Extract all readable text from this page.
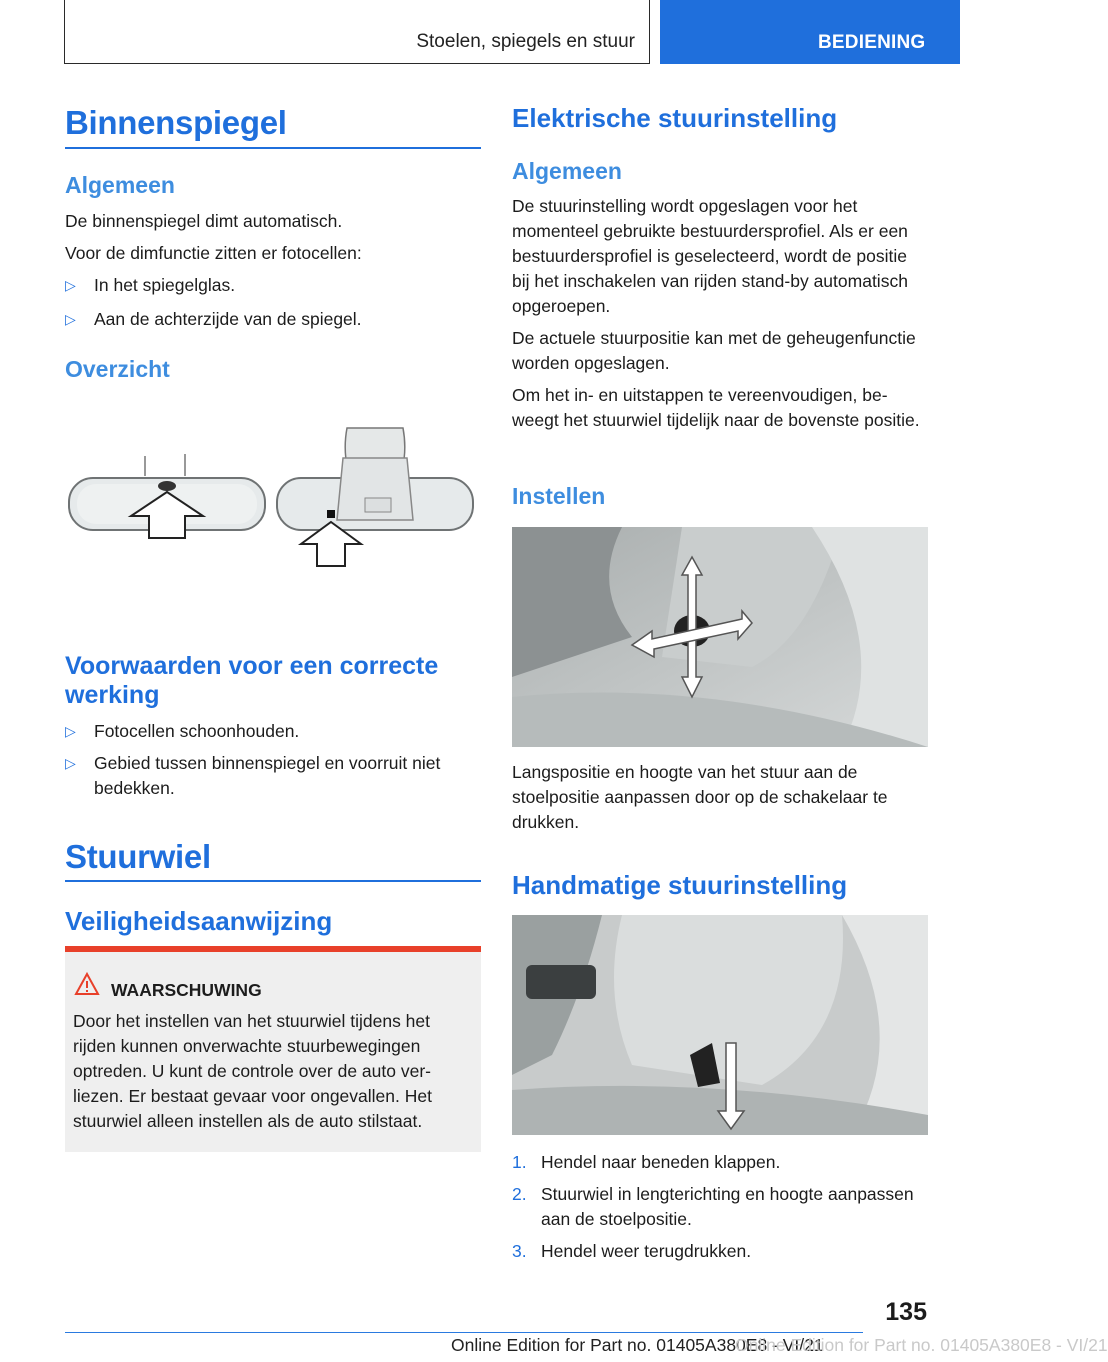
Stoelen, spiegels en stuur	BEDIENING
Binnenspiegel
Algemeen
De binnenspiegel dimt automatisch.
Voor de dimfunctie zitten er fotocellen:
▷ In het spiegelglas.
▷ Aan de achterzijde van de spiegel.
Overzicht
Voorwaarden voor een correcte werking
▷ Fotocellen schoonhouden.
▷ Gebied tussen binnenspiegel en voorruit niet bedekken.
Stuurwiel
Veiligheidsaanwijzing
WAARSCHUWING
Door het instellen van het stuurwiel tijdens het rijden kunnen onverwachte stuurbewegingen optreden. U kunt de controle over de auto verliezen. Er bestaat gevaar voor ongevallen. Het stuurwiel alleen instellen als de auto stilstaat.
Elektrische stuurinstelling
Algemeen
De stuurinstelling wordt opgeslagen voor het momenteel gebruikte bestuurdersprofiel. Als er een bestuurdersprofiel is geselecteerd, wordt de positie bij het inschakelen van rijden stand-by automatisch opgeroepen.
De actuele stuurpositie kan met de geheugenfunctie worden opgeslagen.
Om het in- en uitstappen te vereenvoudigen, beweegt het stuurwiel tijdelijk naar de bovenste positie.
Instellen
Langspositie en hoogte van het stuur aan de stoelpositie aanpassen door op de schakelaar te drukken.
Handmatige stuurinstelling
1. Hendel naar beneden klappen.
2. Stuurwiel in lengterichting en hoogte aanpassen aan de stoelpositie.
3. Hendel weer terugdrukken.
135
Online Edition for Part no. 01405A380E8 - VI/21
Online Edition for Part no. 01405A380E8 - VI/21
